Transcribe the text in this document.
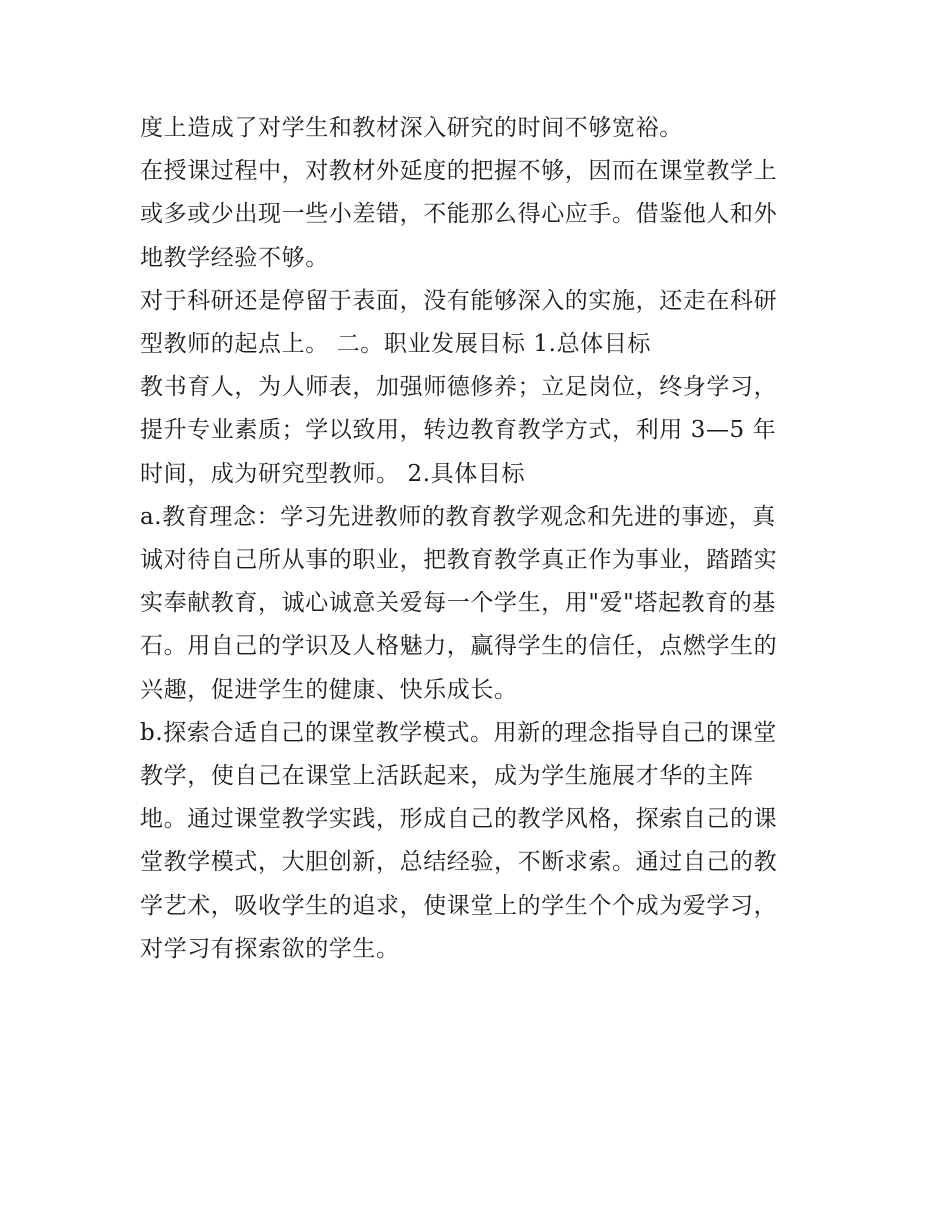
度上造成了对学生和教材深入研究的时间不够宽裕。

在授课过程中，对教材外延度的把握不够，因而在课堂教学上

或多或少出现一些小差错，不能那么得心应手。借鉴他人和外

地教学经验不够。

对于科研还是停留于表面，没有能够深入的实施，还走在科研

型教师的起点上。 二。职业发展目标 1.总体目标

教书育人，为人师表，加强师德修养；立足岗位，终身学习，

提升专业素质；学以致用，转边教育教学方式，利用 3—5 年

时间，成为研究型教师。 2.具体目标

a.教育理念：学习先进教师的教育教学观念和先进的事迹，真

诚对待自己所从事的职业，把教育教学真正作为事业，踏踏实

实奉献教育，诚心诚意关爱每一个学生，用"爱"塔起教育的基

石。用自己的学识及人格魅力，赢得学生的信任，点燃学生的

兴趣，促进学生的健康、快乐成长。

b.探索合适自己的课堂教学模式。用新的理念指导自己的课堂

教学，使自己在课堂上活跃起来，成为学生施展才华的主阵

地。通过课堂教学实践，形成自己的教学风格，探索自己的课

堂教学模式，大胆创新，总结经验，不断求索。通过自己的教

学艺术，吸收学生的追求，使课堂上的学生个个成为爱学习，

对学习有探索欲的学生。
